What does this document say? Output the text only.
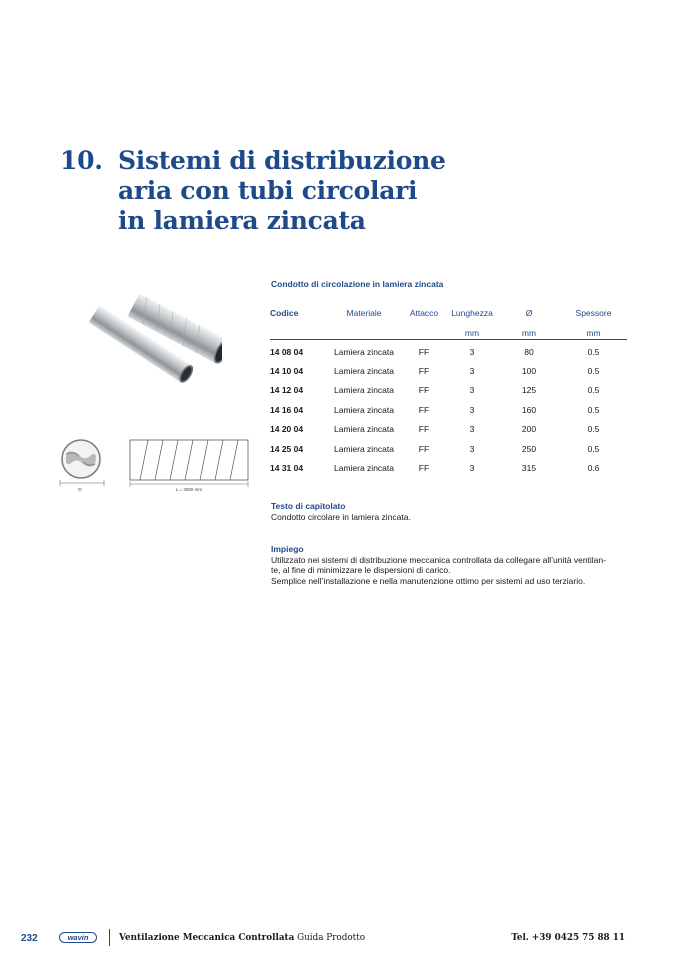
10. Sistemi di distribuzione
aria con tubi circolari
in lamiera zincata
D	L = 3000 mm
Condotto di circolazione in lamiera zincata
Codice	Materiale	Attacco	Lunghezza	Ø	Spessore
			mm	mm	mm
14 08 04	Lamiera zincata	FF	3	80	0.5
14 10 04	Lamiera zincata	FF	3	100	0.5
14 12 04	Lamiera zincata	FF	3	125	0.5
14 16 04	Lamiera zincata	FF	3	160	0.5
14 20 04	Lamiera zincata	FF	3	200	0.5
14 25 04	Lamiera zincata	FF	3	250	0.5
14 31 04	Lamiera zincata	FF	3	315	0.6
Testo di capitolato

Condotto circolare in lamiera zincata.

Impiego

Utilizzato nei sistemi di distribuzione meccanica controllata da collegare all’unità ventilan-

te, al fine di minimizzare le dispersioni di carico.

Semplice nell’installazione e nella manutenzione ottimo per sistemi ad uso terziario.

232	wavin	Ventilazione Meccanica Controllata Guida Prodotto	Tel. +39 0425 75 88 11
